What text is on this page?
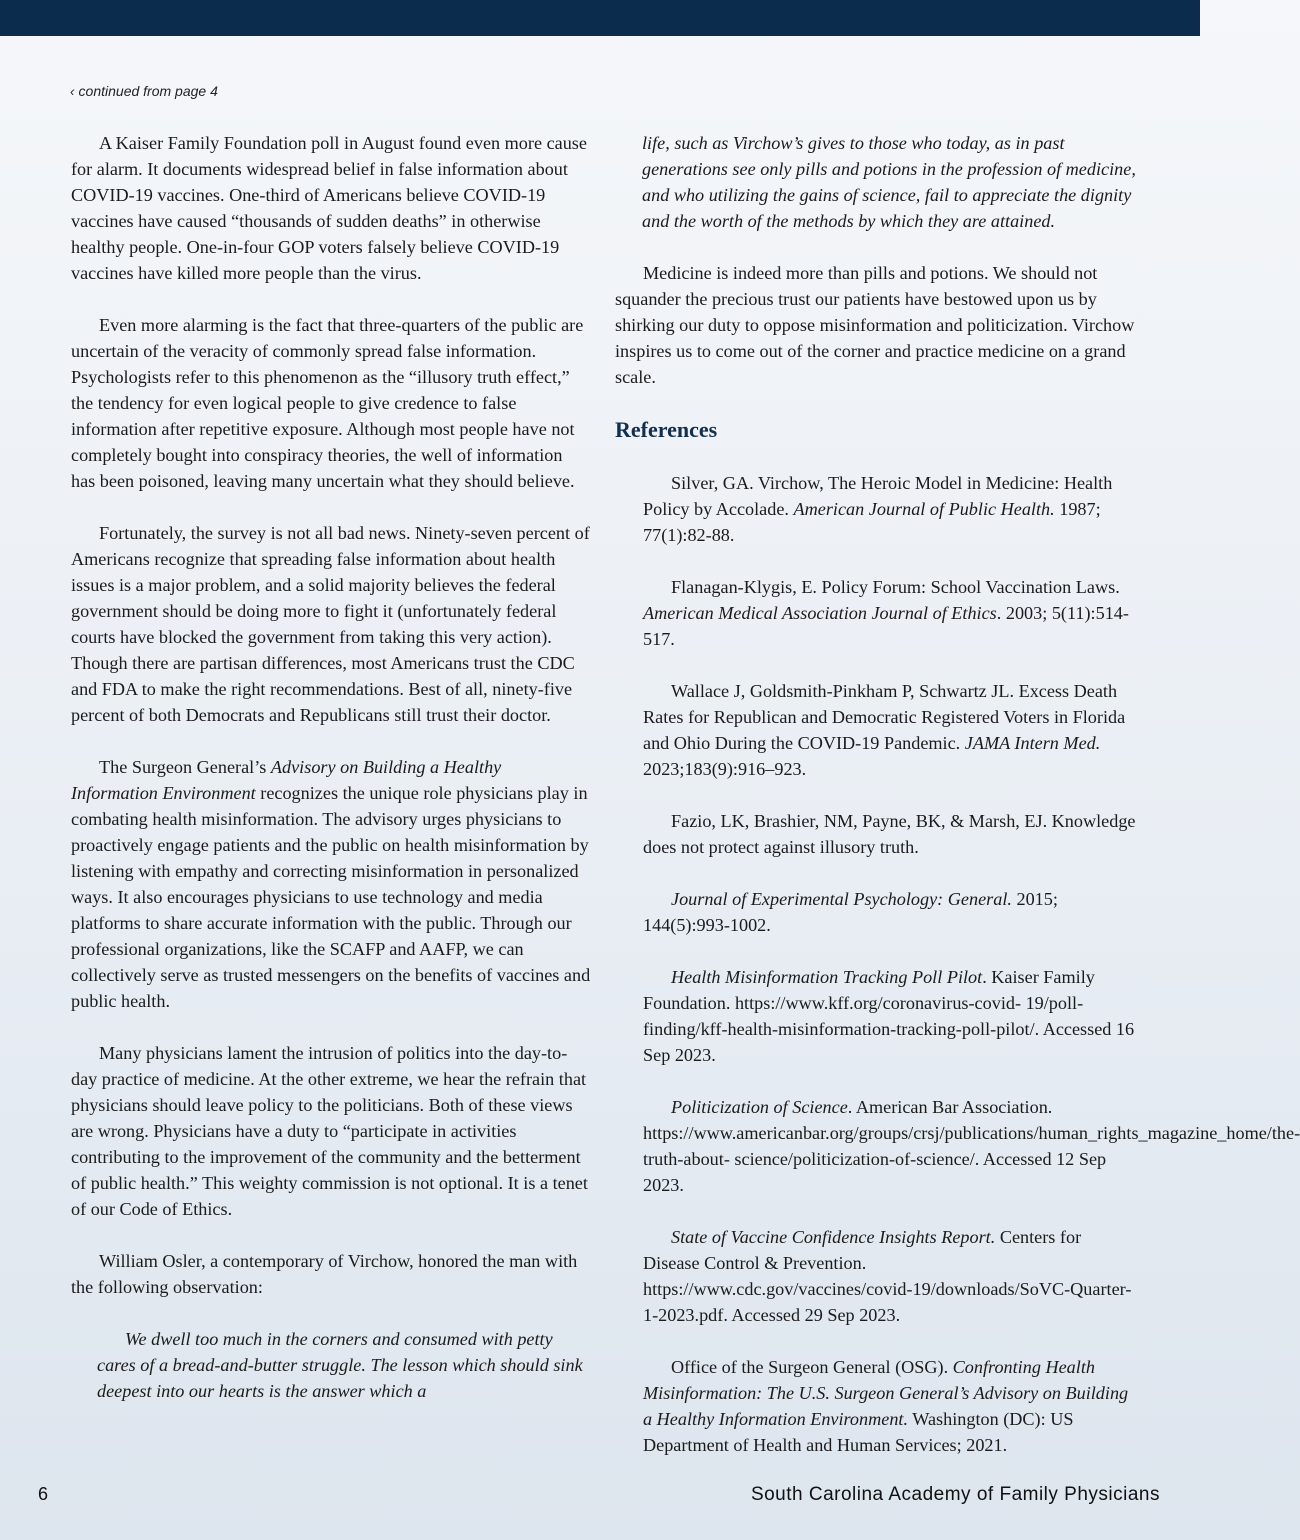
‹ continued from page 4

A Kaiser Family Foundation poll in August found even more cause for alarm. It documents widespread belief in false information about COVID-19 vaccines. One-third of Americans believe COVID-19 vaccines have caused “thousands of sudden deaths” in otherwise healthy people. One-in-four GOP voters falsely believe COVID-19 vaccines have killed more people than the virus.

Even more alarming is the fact that three-quarters of the public are uncertain of the veracity of commonly spread false information. Psychologists refer to this phenomenon as the “illusory truth effect,” the tendency for even logical people to give credence to false information after repetitive exposure. Although most people have not completely bought into conspiracy theories, the well of information has been poisoned, leaving many uncertain what they should believe.

Fortunately, the survey is not all bad news. Ninety-seven percent of Americans recognize that spreading false information about health issues is a major problem, and a solid majority believes the federal government should be doing more to fight it (unfortunately federal courts have blocked the government from taking this very action). Though there are partisan differences, most Americans trust the CDC and FDA to make the right recommendations. Best of all, ninety-five percent of both Democrats and Republicans still trust their doctor.

The Surgeon General’s Advisory on Building a Healthy Information Environment recognizes the unique role physicians play in combating health misinformation. The advisory urges physicians to proactively engage patients and the public on health misinformation by listening with empathy and correcting misinformation in personalized ways. It also encourages physicians to use technology and media platforms to share accurate information with the public. Through our professional organizations, like the SCAFP and AAFP, we can collectively serve as trusted messengers on the benefits of vaccines and public health.

Many physicians lament the intrusion of politics into the day-to-day practice of medicine. At the other extreme, we hear the refrain that physicians should leave policy to the politicians. Both of these views are wrong. Physicians have a duty to “participate in activities contributing to the improvement of the community and the betterment of public health.” This weighty commission is not optional. It is a tenet of our Code of Ethics.

William Osler, a contemporary of Virchow, honored the man with the following observation:

We dwell too much in the corners and consumed with petty cares of a bread-and-butter struggle. The lesson which should sink deepest into our hearts is the answer which a

life, such as Virchow’s gives to those who today, as in past generations see only pills and potions in the profession of medicine, and who utilizing the gains of science, fail to appreciate the dignity and the worth of the methods by which they are attained.

Medicine is indeed more than pills and potions. We should not squander the precious trust our patients have bestowed upon us by shirking our duty to oppose misinformation and politicization. Virchow inspires us to come out of the corner and practice medicine on a grand scale.

References

Silver, GA. Virchow, The Heroic Model in Medicine: Health Policy by Accolade. American Journal of Public Health. 1987; 77(1):82-88.

Flanagan-Klygis, E. Policy Forum: School Vaccination Laws. American Medical Association Journal of Ethics. 2003; 5(11):514-517.

Wallace J, Goldsmith-Pinkham P, Schwartz JL. Excess Death Rates for Republican and Democratic Registered Voters in Florida and Ohio During the COVID-19 Pandemic. JAMA Intern Med. 2023;183(9):916–923.

Fazio, LK, Brashier, NM, Payne, BK, & Marsh, EJ. Knowledge does not protect against illusory truth.

Journal of Experimental Psychology: General. 2015; 144(5):993-1002.

Health Misinformation Tracking Poll Pilot. Kaiser Family Foundation. https://www.kff.org/coronavirus-covid- 19/poll-finding/kff-health-misinformation-tracking-poll-pilot/. Accessed 16 Sep 2023.

Politicization of Science. American Bar Association. https://www.americanbar.org/groups/crsj/publications/human_rights_magazine_home/the-truth-about- science/politicization-of-science/. Accessed 12 Sep 2023.

State of Vaccine Confidence Insights Report. Centers for Disease Control & Prevention. https://www.cdc.gov/vaccines/covid-19/downloads/SoVC-Quarter-1-2023.pdf. Accessed 29 Sep 2023.

Office of the Surgeon General (OSG). Confronting Health Misinformation: The U.S. Surgeon General’s Advisory on Building a Healthy Information Environment. Washington (DC): US Department of Health and Human Services; 2021.

6	South Carolina Academy of Family Physicians
